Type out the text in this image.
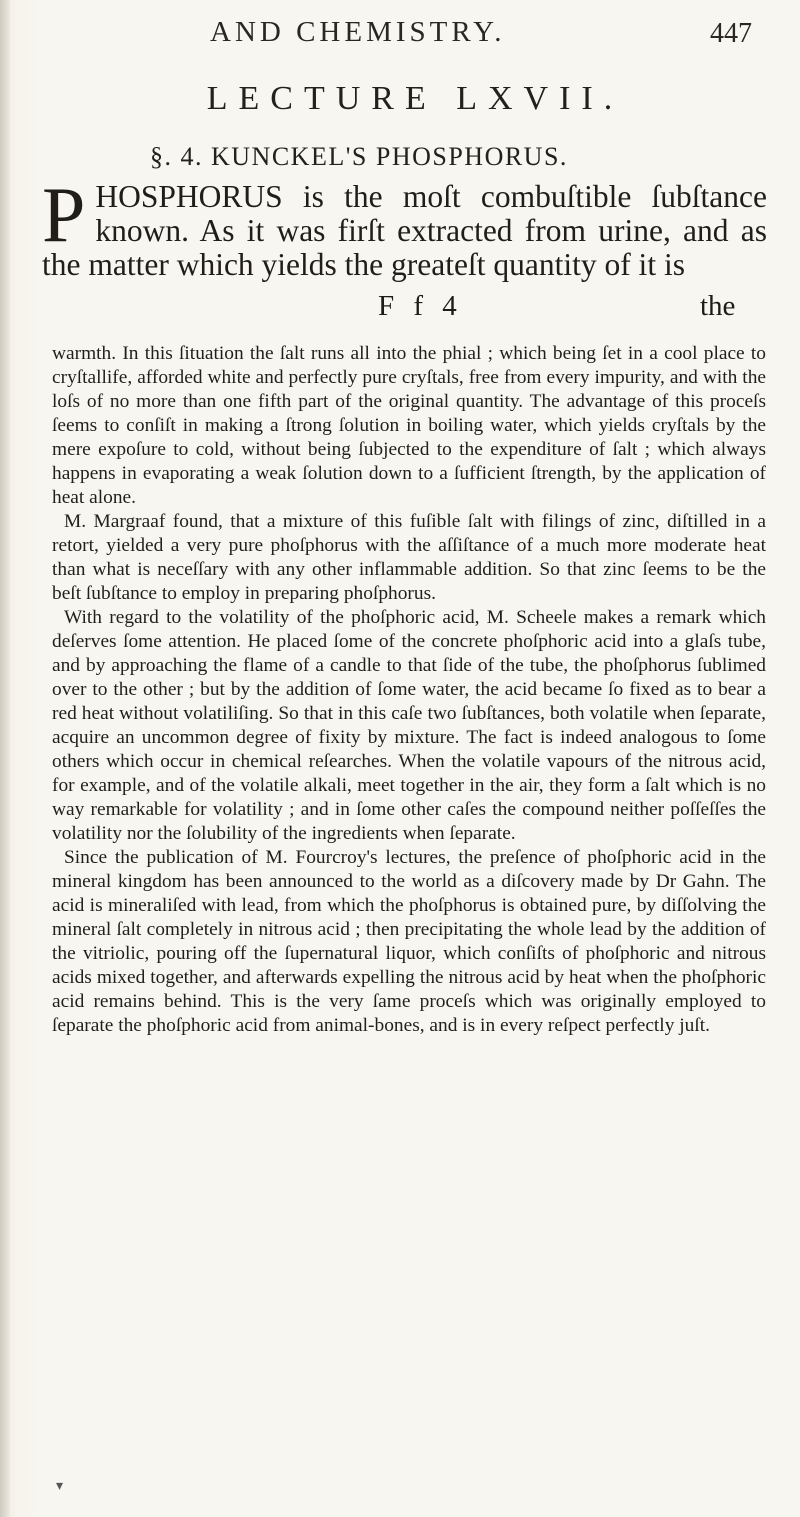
AND CHEMISTRY.	447
LECTURE LXVII.
§. 4. KUNCKEL'S PHOSPHORUS.
P HOSPHORUS is the moſt combuſtible ſubſtance known. As it was firſt extracted from urine, and as the matter which yields the greateſt quantity of it is

F f 4	the

warmth. In this ſituation the ſalt runs all into the phial ; which being ſet in a cool place to cryſtallife, afforded white and perfectly pure cryſtals, free from every impurity, and with the loſs of no more than one fifth part of the original quantity. The advantage of this proceſs ſeems to conſiſt in making a ſtrong ſolution in boiling water, which yields cryſtals by the mere expoſure to cold, without being ſubjected to the expenditure of ſalt ; which always happens in evaporating a weak ſolution down to a ſufficient ſtrength, by the application of heat alone.

M. Margraaf found, that a mixture of this fuſible ſalt with filings of zinc, diſtilled in a retort, yielded a very pure phoſphorus with the aſſiſtance of a much more moderate heat than what is neceſſary with any other inflammable addition. So that zinc ſeems to be the beſt ſubſtance to employ in preparing phoſphorus.

With regard to the volatility of the phoſphoric acid, M. Scheele makes a remark which deſerves ſome attention. He placed ſome of the concrete phoſphoric acid into a glaſs tube, and by approaching the flame of a candle to that ſide of the tube, the phoſphorus ſublimed over to the other ; but by the addition of ſome water, the acid became ſo fixed as to bear a red heat without volatiliſing. So that in this caſe two ſubſtances, both volatile when ſeparate, acquire an uncommon degree of fixity by mixture. The fact is indeed analogous to ſome others which occur in chemical reſearches. When the volatile vapours of the nitrous acid, for example, and of the volatile alkali, meet together in the air, they form a ſalt which is no way remarkable for volatility ; and in ſome other caſes the compound neither poſſeſſes the volatility nor the ſolubility of the ingredients when ſeparate.

Since the publication of M. Fourcroy's lectures, the preſence of phoſphoric acid in the mineral kingdom has been announced to the world as a diſcovery made by Dr Gahn. The acid is mineraliſed with lead, from which the phoſphorus is obtained pure, by diſſolving the mineral ſalt completely in nitrous acid ; then precipitating the whole lead by the addition of the vitriolic, pouring off the ſupernatural liquor, which conſiſts of phoſphoric and nitrous acids mixed together, and afterwards expelling the nitrous acid by heat when the phoſphoric acid remains behind. This is the very ſame proceſs which was originally employed to ſeparate the phoſphoric acid from animal-bones, and is in every reſpect perfectly juſt.

▾
